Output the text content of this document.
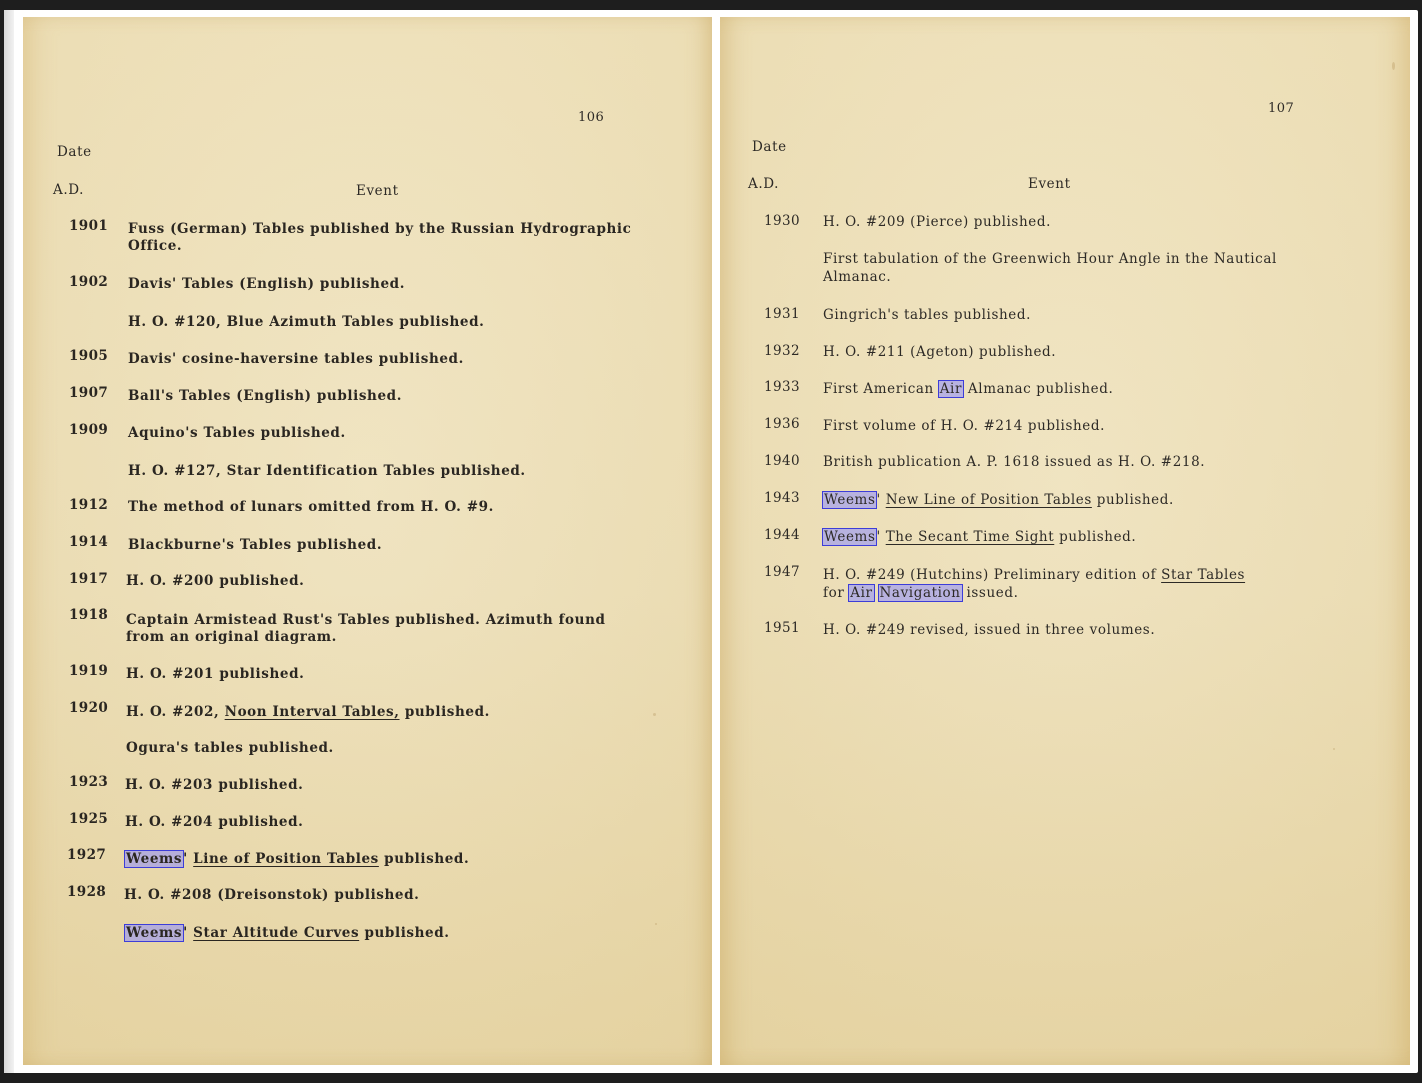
106
Date
A.D.	Event
1901 Fuss (German) Tables published by the Russian Hydrographic
Office.
1902 Davis' Tables (English) published.
H. O. #120, Blue Azimuth Tables published.
1905 Davis' cosine-haversine tables published.
1907 Ball's Tables (English) published.
1909 Aquino's Tables published.
H. O. #127, Star Identification Tables published.
1912 The method of lunars omitted from H. O. #9.
1914 Blackburne's Tables published.
1917 H. O. #200 published.
1918 Captain Armistead Rust's Tables published. Azimuth found
from an original diagram.
1919 H. O. #201 published.
1920 H. O. #202, Noon Interval Tables, published.
Ogura's tables published.
1923 H. O. #203 published.
1925 H. O. #204 published.
1927 Weems' Line of Position Tables published.
1928 H. O. #208 (Dreisonstok) published.
Weems' Star Altitude Curves published.
107
Date
A.D.	Event
1930 H. O. #209 (Pierce) published.
First tabulation of the Greenwich Hour Angle in the Nautical
Almanac.
1931 Gingrich's tables published.
1932 H. O. #211 (Ageton) published.
1933 First American Air Almanac published.
1936 First volume of H. O. #214 published.
1940 British publication A. P. 1618 issued as H. O. #218.
1943 Weems' New Line of Position Tables published.
1944 Weems' The Secant Time Sight published.
1947 H. O. #249 (Hutchins) Preliminary edition of Star Tables
for Air Navigation issued.
1951 H. O. #249 revised, issued in three volumes.
